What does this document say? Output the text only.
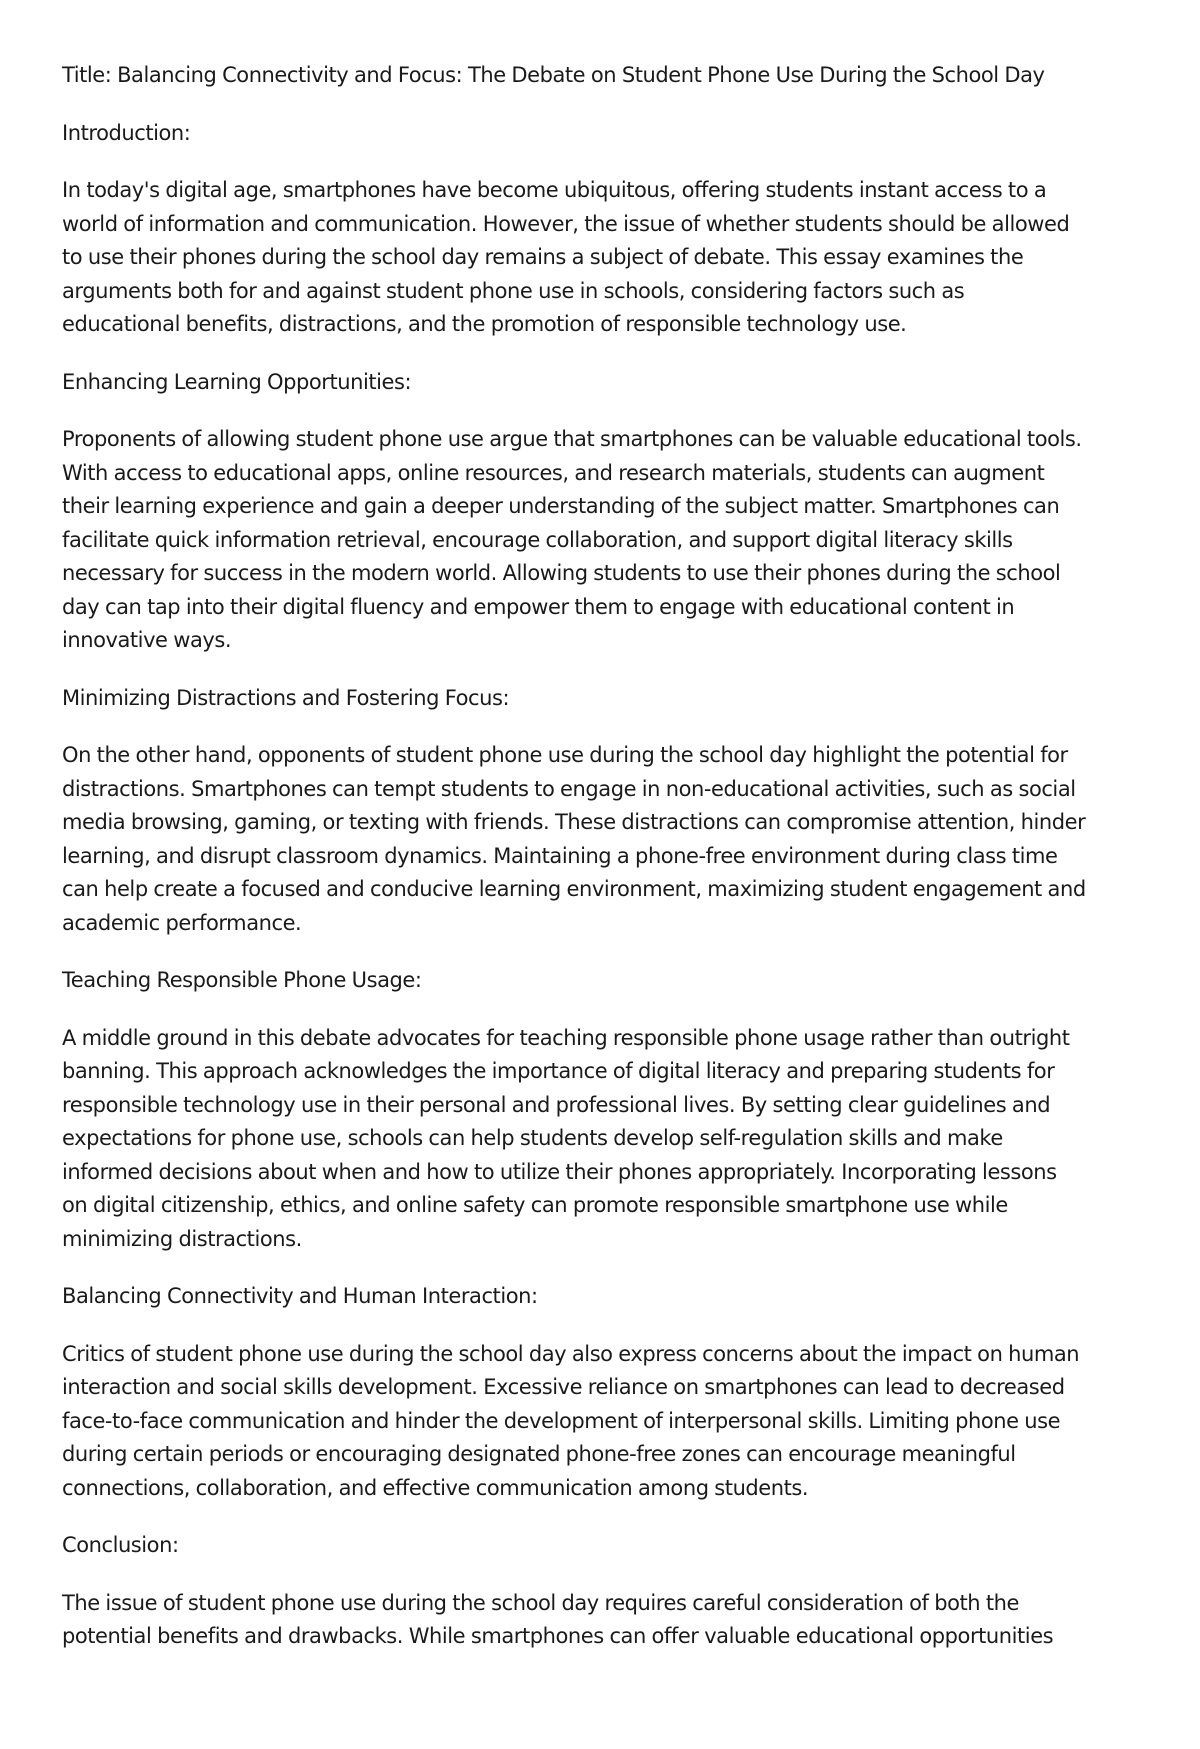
Title: Balancing Connectivity and Focus: The Debate on Student Phone Use During the School Day

Introduction:

In today's digital age, smartphones have become ubiquitous, offering students instant access to a
world of information and communication. However, the issue of whether students should be allowed
to use their phones during the school day remains a subject of debate. This essay examines the
arguments both for and against student phone use in schools, considering factors such as
educational benefits, distractions, and the promotion of responsible technology use.

Enhancing Learning Opportunities:

Proponents of allowing student phone use argue that smartphones can be valuable educational tools.
With access to educational apps, online resources, and research materials, students can augment
their learning experience and gain a deeper understanding of the subject matter. Smartphones can
facilitate quick information retrieval, encourage collaboration, and support digital literacy skills
necessary for success in the modern world. Allowing students to use their phones during the school
day can tap into their digital fluency and empower them to engage with educational content in
innovative ways.

Minimizing Distractions and Fostering Focus:

On the other hand, opponents of student phone use during the school day highlight the potential for
distractions. Smartphones can tempt students to engage in non-educational activities, such as social
media browsing, gaming, or texting with friends. These distractions can compromise attention, hinder
learning, and disrupt classroom dynamics. Maintaining a phone-free environment during class time
can help create a focused and conducive learning environment, maximizing student engagement and
academic performance.

Teaching Responsible Phone Usage:

A middle ground in this debate advocates for teaching responsible phone usage rather than outright
banning. This approach acknowledges the importance of digital literacy and preparing students for
responsible technology use in their personal and professional lives. By setting clear guidelines and
expectations for phone use, schools can help students develop self-regulation skills and make
informed decisions about when and how to utilize their phones appropriately. Incorporating lessons
on digital citizenship, ethics, and online safety can promote responsible smartphone use while
minimizing distractions.

Balancing Connectivity and Human Interaction:

Critics of student phone use during the school day also express concerns about the impact on human
interaction and social skills development. Excessive reliance on smartphones can lead to decreased
face-to-face communication and hinder the development of interpersonal skills. Limiting phone use
during certain periods or encouraging designated phone-free zones can encourage meaningful
connections, collaboration, and effective communication among students.

Conclusion:

The issue of student phone use during the school day requires careful consideration of both the
potential benefits and drawbacks. While smartphones can offer valuable educational opportunities
